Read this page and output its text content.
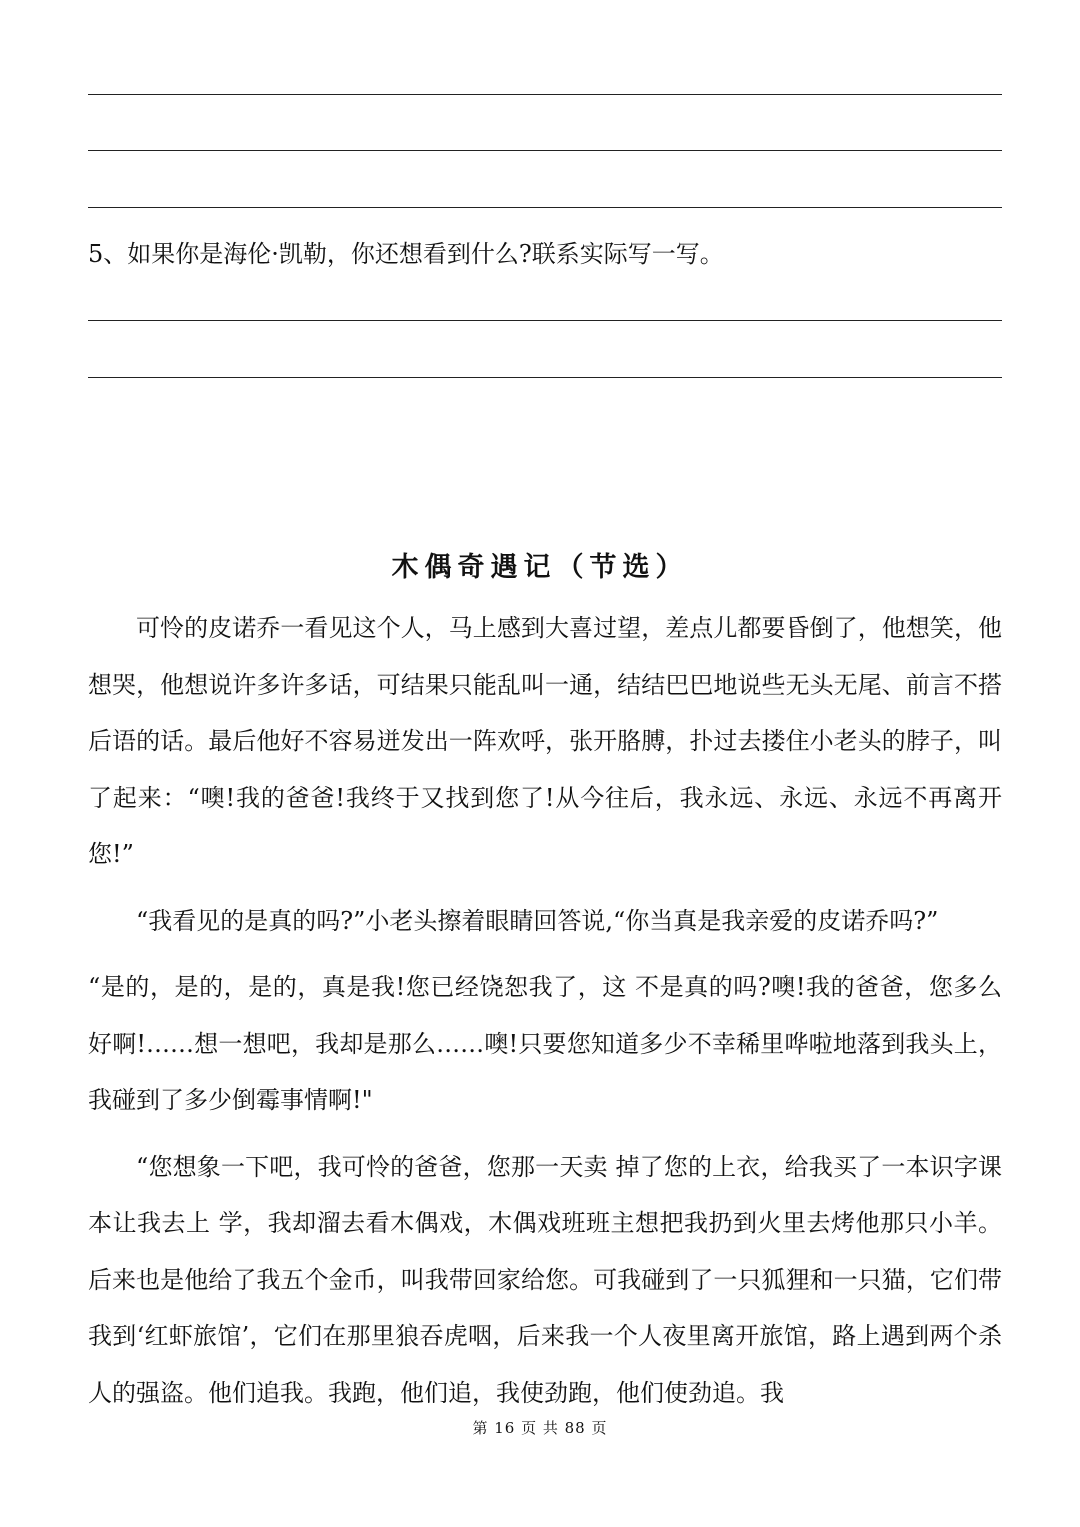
5、如果你是海伦·凯勒，你还想看到什么?联系实际写一写。
木偶奇遇记（节选）

可怜的皮诺乔一看见这个人，马上感到大喜过望，差点儿都要昏倒了，他想笑，他想哭，他想说许多许多话，可结果只能乱叫一通，结结巴巴地说些无头无尾、前言不搭后语的话。最后他好不容易迸发出一阵欢呼，张开胳膊，扑过去搂住小老头的脖子，叫了起来：“噢!我的爸爸!我终于又找到您了!从今往后，我永远、永远、永远不再离开您!”

“我看见的是真的吗?”小老头擦着眼睛回答说,“你当真是我亲爱的皮诺乔吗?”

“是的，是的，是的，真是我!您已经饶恕我了，这 不是真的吗?噢!我的爸爸，您多么好啊!……想一想吧，我却是那么……噢!只要您知道多少不幸稀里哗啦地落到我头上，我碰到了多少倒霉事情啊!"

“您想象一下吧，我可怜的爸爸，您那一天卖 掉了您的上衣，给我买了一本识字课本让我去上 学，我却溜去看木偶戏，木偶戏班班主想把我扔到火里去烤他那只小羊。后来也是他给了我五个金币，叫我带回家给您。可我碰到了一只狐狸和一只猫，它们带我到‘红虾旅馆’，它们在那里狼吞虎咽，后来我一个人夜里离开旅馆，路上遇到两个杀人的强盗。他们追我。我跑，他们追，我使劲跑，他们使劲追。我

第 16 页 共 88 页
